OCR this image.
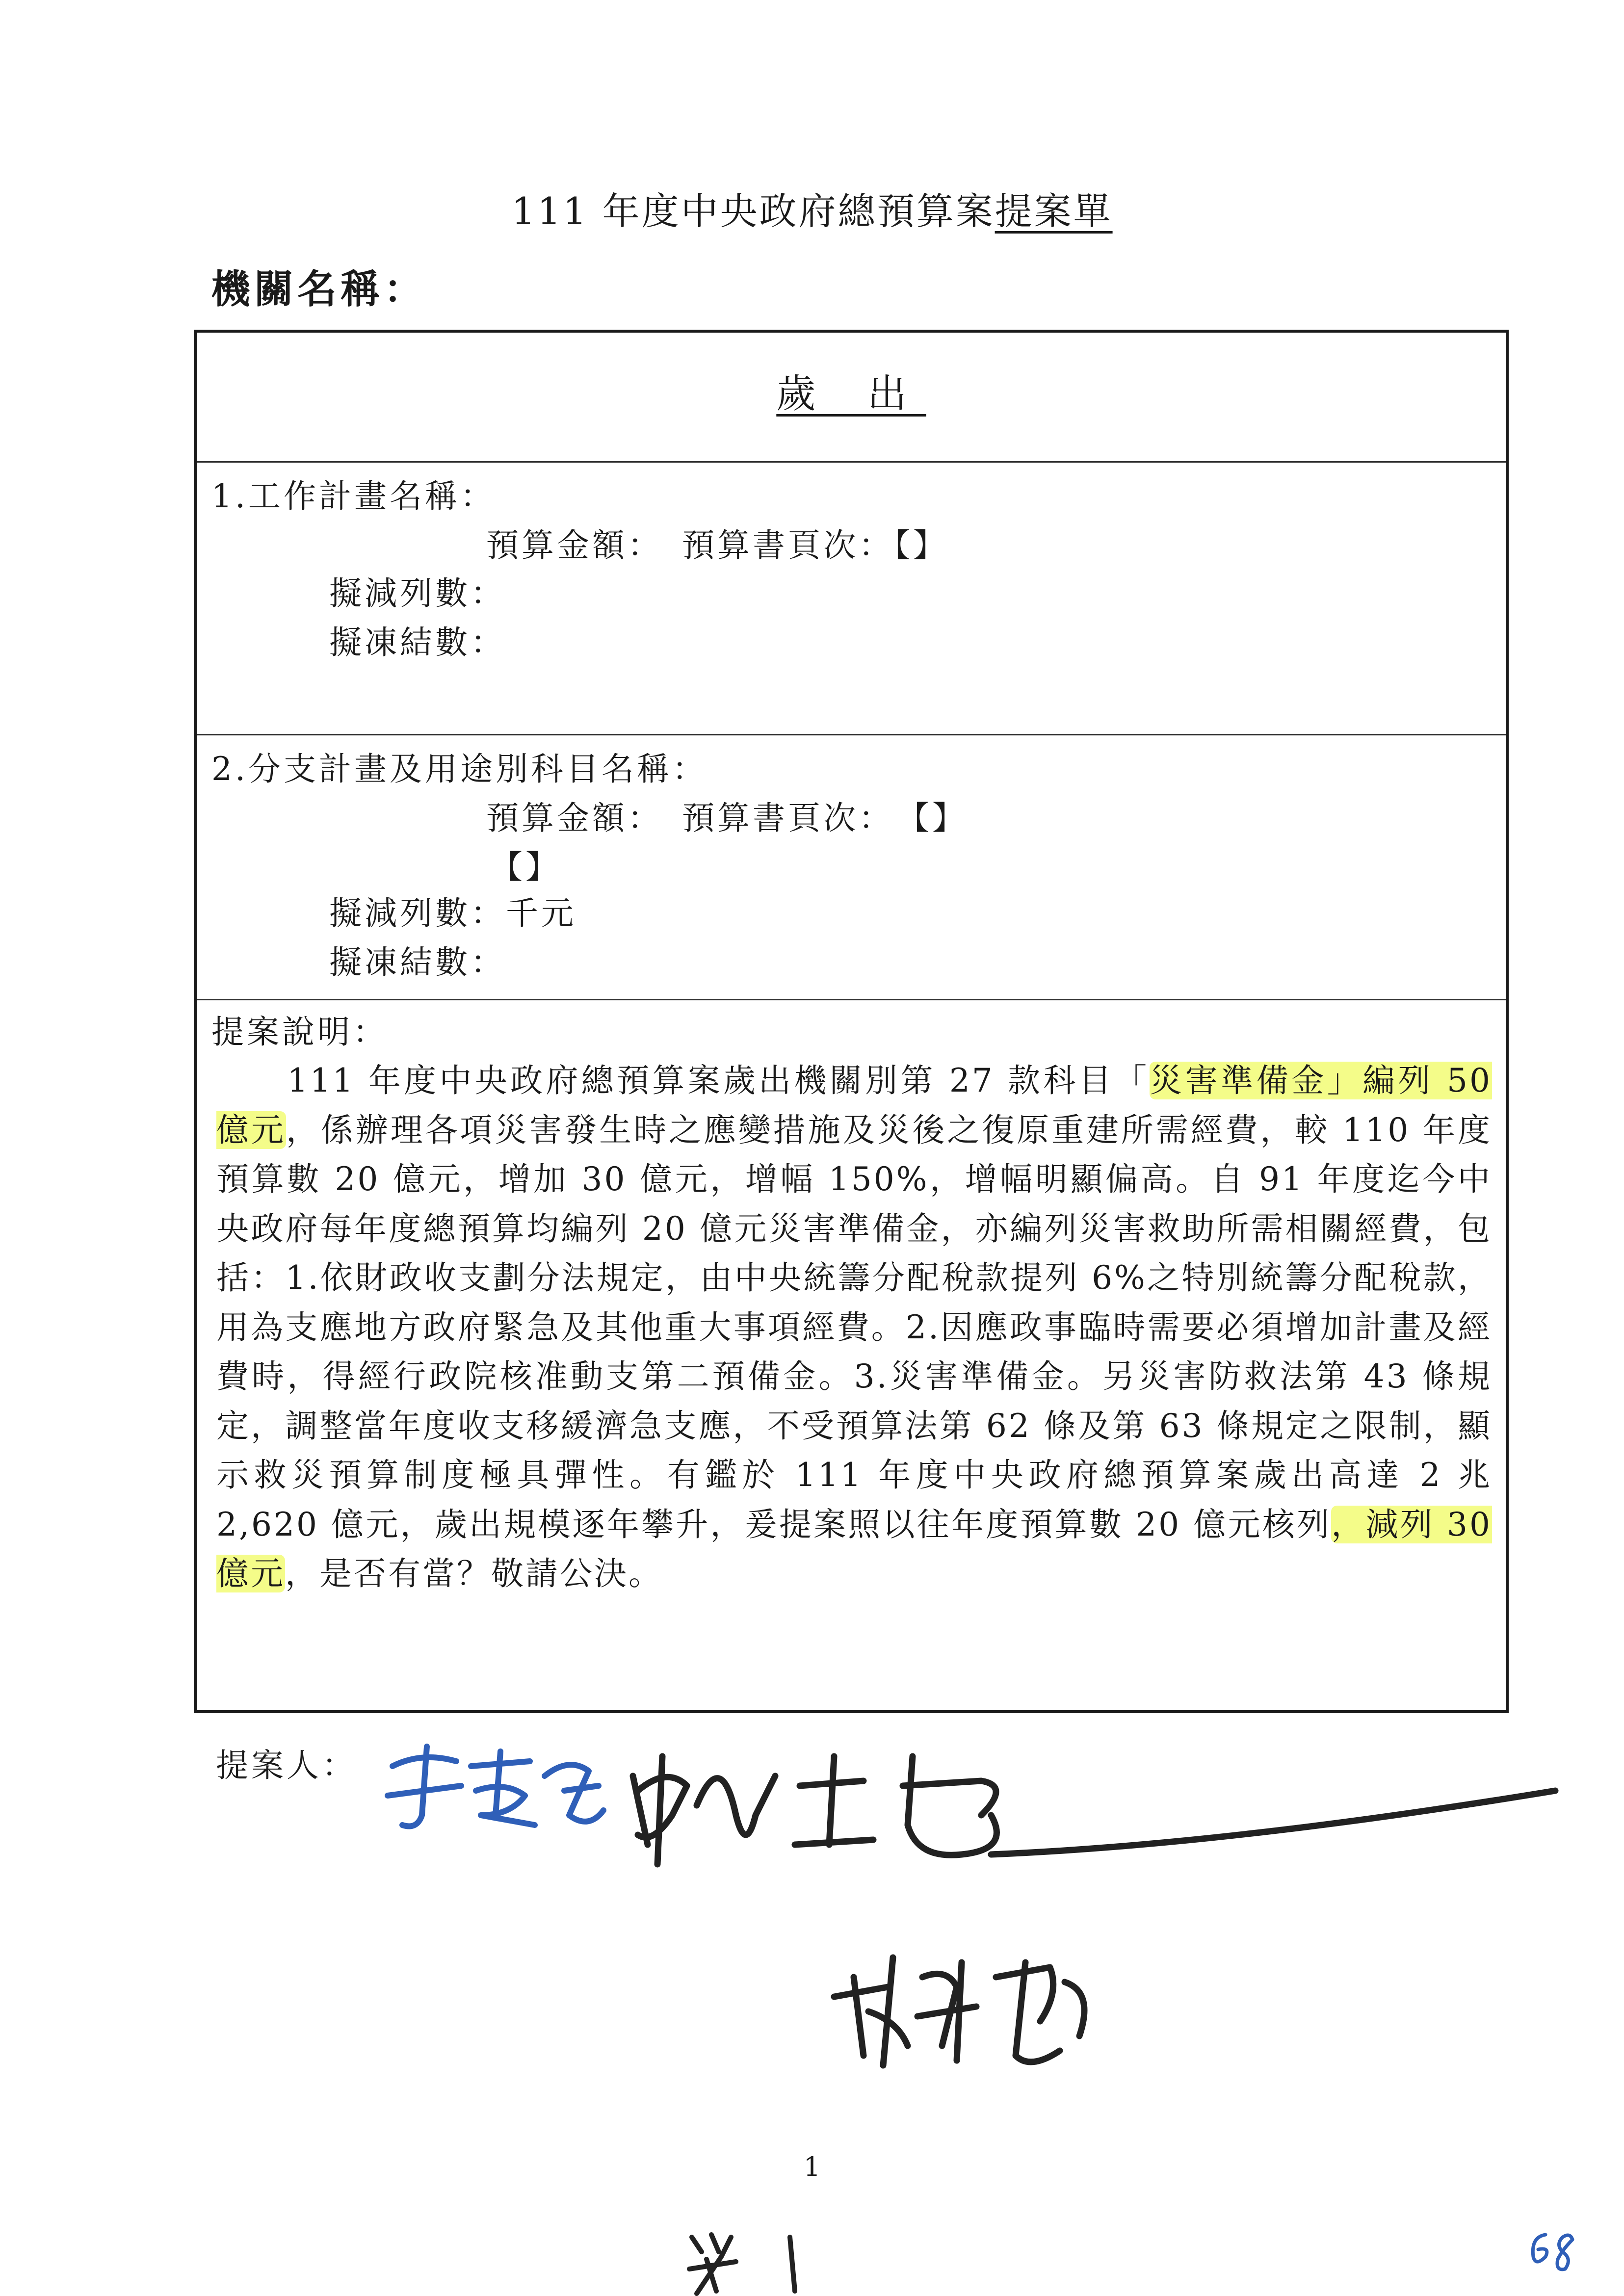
111 年度中央政府總預算案提案單
機關名稱：
歲 出
1.工作計畫名稱：
預算金額：　預算書頁次：【】
擬減列數：
擬凍結數：
2.分支計畫及用途別科目名稱：
預算金額：　預算書頁次：　【】
【】
擬減列數：千元
擬凍結數：
提案說明：
　　111 年度中央政府總預算案歲出機關別第 27 款科目「災害準備金」編列 50 億元，係辦理各項災害發生時之應變措施及災後之復原重建所需經費，較 110 年度預算數 20 億元，增加 30 億元，增幅 150%，增幅明顯偏高。自 91 年度迄今中央政府每年度總預算均編列 20 億元災害準備金，亦編列災害救助所需相關經費，包括：1.依財政收支劃分法規定，由中央統籌分配稅款提列 6%之特別統籌分配稅款，用為支應地方政府緊急及其他重大事項經費。2.因應政事臨時需要必須增加計畫及經費時，得經行政院核准動支第二預備金。3.災害準備金。另災害防救法第 43 條規定，調整當年度收支移緩濟急支應，不受預算法第 62 條及第 63 條規定之限制，顯示救災預算制度極具彈性。有鑑於 111 年度中央政府總預算案歲出高達 2 兆 2,620 億元，歲出規模逐年攀升，爰提案照以往年度預算數 20 億元核列，減列 30 億元，是否有當？敬請公決。
提案人：
1
